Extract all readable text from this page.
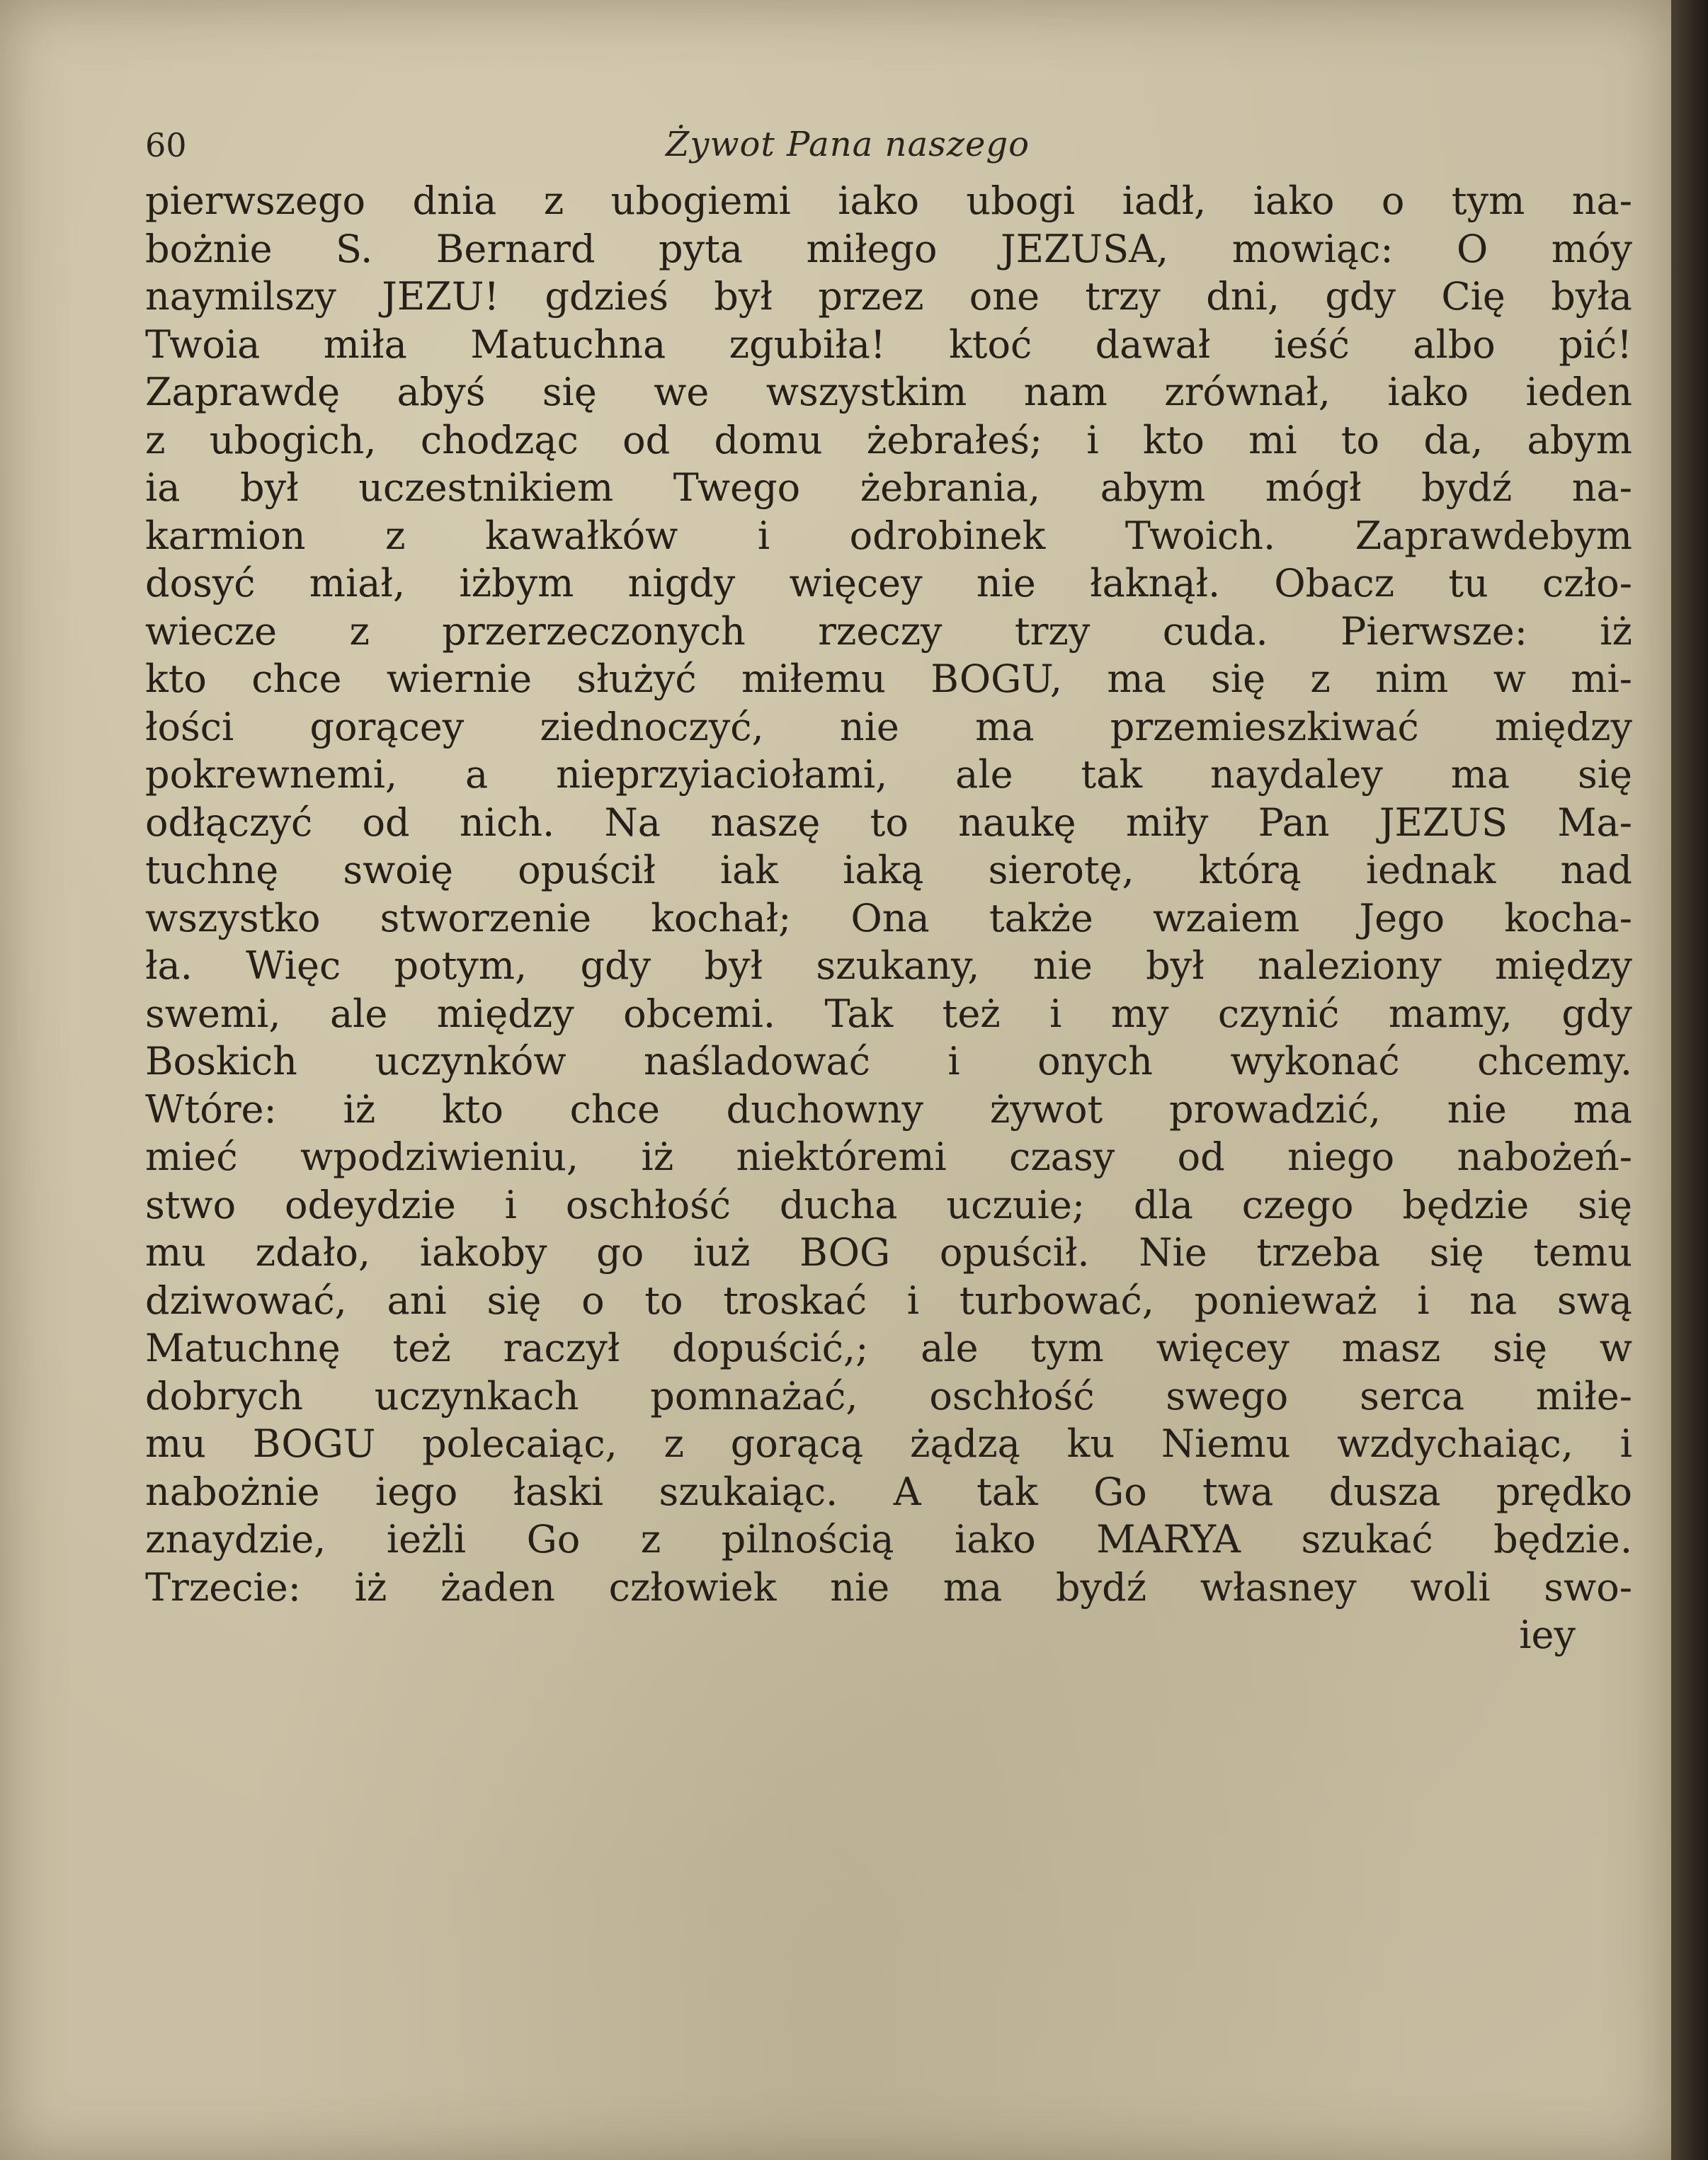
60	Żywot Pana naszego
pierwszego dnia z ubogiemi iako ubogi iadł, iako o tym na-
bożnie S. Bernard pyta miłego JEZUSA, mowiąc: O móy
naymilszy JEZU! gdzieś był przez one trzy dni, gdy Cię była
Twoia miła Matuchna zgubiła! ktoć dawał ieść albo pić!
Zaprawdę abyś się we wszystkim nam zrównał, iako ieden
z ubogich, chodząc od domu żebrałeś; i kto mi to da, abym
ia był uczestnikiem Twego żebrania, abym mógł bydź na-
karmion z kawałków i odrobinek Twoich. Zaprawdebym
dosyć miał, iżbym nigdy więcey nie łaknął. Obacz tu czło-
wiecze z przerzeczonych rzeczy trzy cuda. Pierwsze: iż
kto chce wiernie służyć miłemu BOGU, ma się z nim w mi-
łości gorącey ziednoczyć, nie ma przemieszkiwać między
pokrewnemi, a nieprzyiaciołami, ale tak naydaley ma się
odłączyć od nich. Na naszę to naukę miły Pan JEZUS Ma-
tuchnę swoię opuścił iak iaką sierotę, którą iednak nad
wszystko stworzenie kochał; Ona także wzaiem Jego kocha-
ła. Więc potym, gdy był szukany, nie był naleziony między
swemi, ale między obcemi. Tak też i my czynić mamy, gdy
Boskich uczynków naśladować i onych wykonać chcemy.
Wtóre: iż kto chce duchowny żywot prowadzić, nie ma
mieć wpodziwieniu, iż niektóremi czasy od niego nabożeń-
stwo odeydzie i oschłość ducha uczuie; dla czego będzie się
mu zdało, iakoby go iuż BOG opuścił. Nie trzeba się temu
dziwować, ani się o to troskać i turbować, ponieważ i na swą
Matuchnę też raczył dopuścić,; ale tym więcey masz się w
dobrych uczynkach pomnażać, oschłość swego serca miłe-
mu BOGU polecaiąc, z gorącą żądzą ku Niemu wzdychaiąc, i
nabożnie iego łaski szukaiąc. A tak Go twa dusza prędko
znaydzie, ieżli Go z pilnością iako MARYA szukać będzie.
Trzecie: iż żaden człowiek nie ma bydź własney woli swo-
iey
